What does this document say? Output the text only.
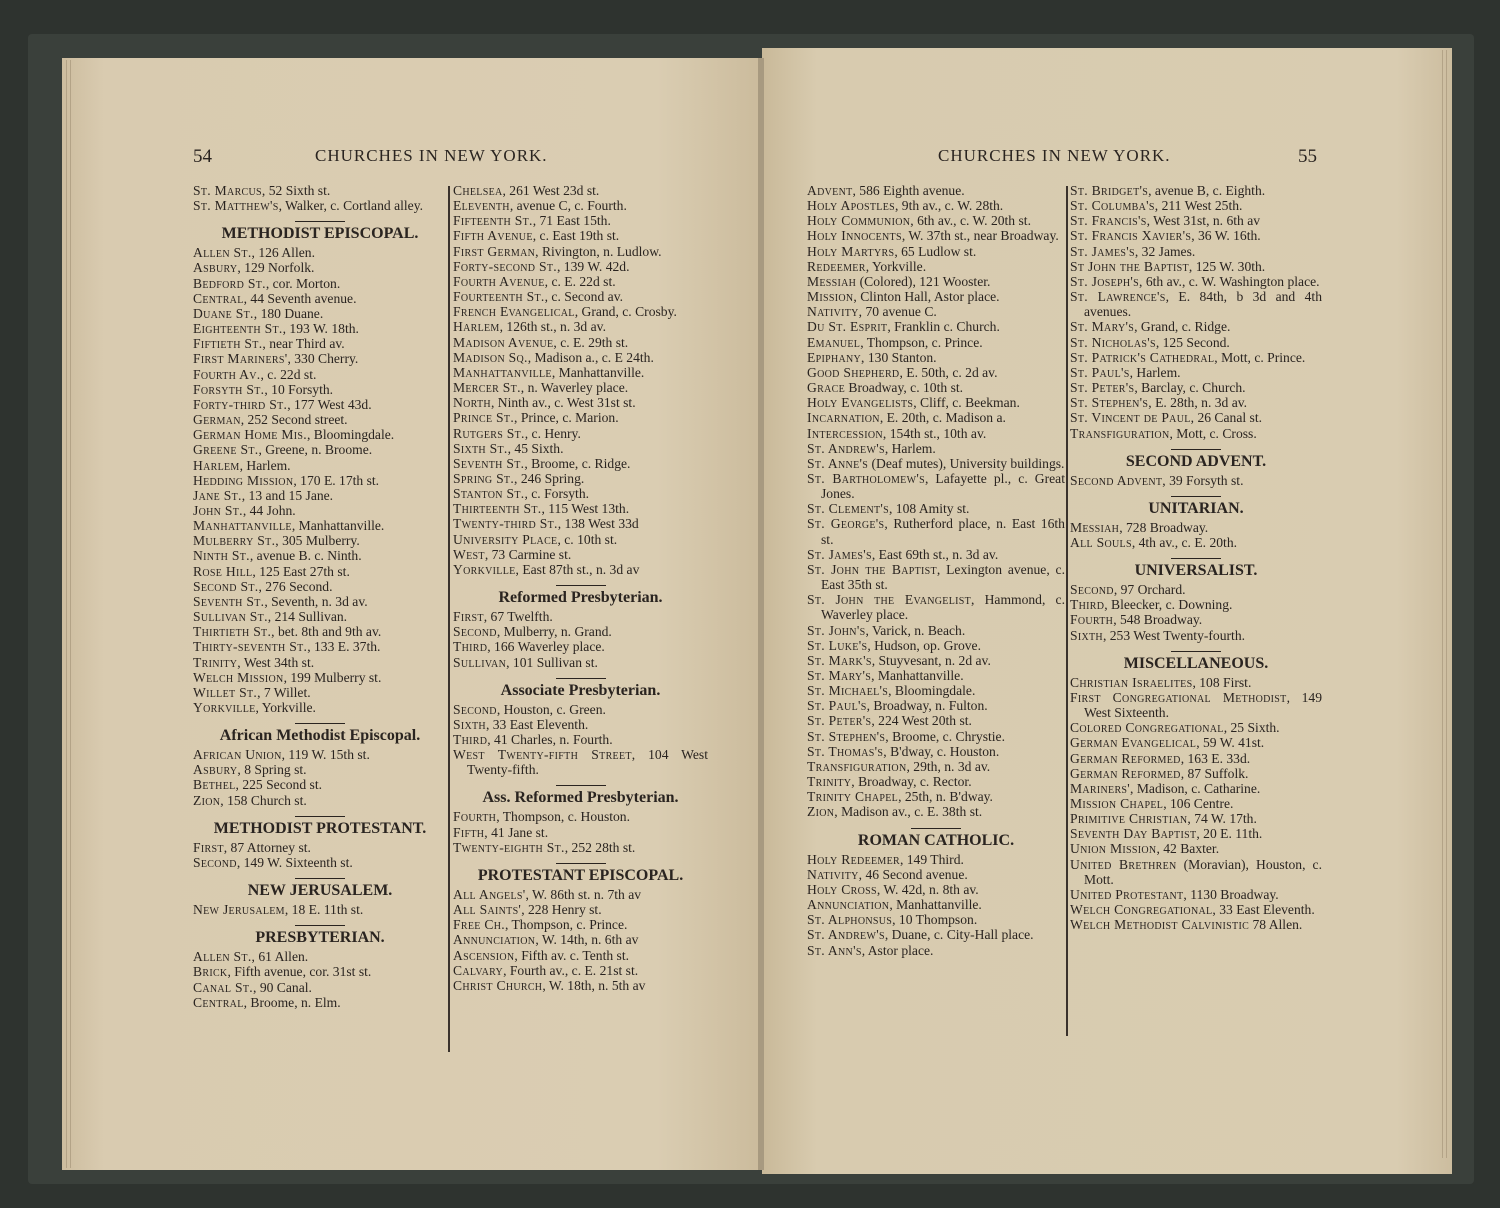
54	CHURCHES IN NEW YORK.	CHURCHES IN NEW YORK.	55
St. Marcus, 52 Sixth st.
St. Matthew's, Walker, c. Cortland alley.
METHODIST EPISCOPAL.
Allen St., 126 Allen.
Asbury, 129 Norfolk.
Bedford St., cor. Morton.
Central, 44 Seventh avenue.
Duane St., 180 Duane.
Eighteenth St., 193 W. 18th.
Fiftieth St., near Third av.
First Mariners', 330 Cherry.
Fourth Av., c. 22d st.
Forsyth St., 10 Forsyth.
Forty-third St., 177 West 43d.
German, 252 Second street.
German Home Mis., Bloomingdale.
Greene St., Greene, n. Broome.
Harlem, Harlem.
Hedding Mission, 170 E. 17th st.
Jane St., 13 and 15 Jane.
John St., 44 John.
Manhattanville, Manhattanville.
Mulberry St., 305 Mulberry.
Ninth St., avenue B. c. Ninth.
Rose Hill, 125 East 27th st.
Second St., 276 Second.
Seventh St., Seventh, n. 3d av.
Sullivan St., 214 Sullivan.
Thirtieth St., bet. 8th and 9th av.
Thirty-seventh St., 133 E. 37th.
Trinity, West 34th st.
Welch Mission, 199 Mulberry st.
Willet St., 7 Willet.
Yorkville, Yorkville.
African Methodist Episcopal.
African Union, 119 W. 15th st.
Asbury, 8 Spring st.
Bethel, 225 Second st.
Zion, 158 Church st.
METHODIST PROTESTANT.
First, 87 Attorney st.
Second, 149 W. Sixteenth st.
NEW JERUSALEM.
New Jerusalem, 18 E. 11th st.
PRESBYTERIAN.
Allen St., 61 Allen.
Brick, Fifth avenue, cor. 31st st.
Canal St., 90 Canal.
Central, Broome, n. Elm.
Chelsea, 261 West 23d st.
Eleventh, avenue C, c. Fourth.
Fifteenth St., 71 East 15th.
Fifth Avenue, c. East 19th st.
First German, Rivington, n. Ludlow.
Forty-second St., 139 W. 42d.
Fourth Avenue, c. E. 22d st.
Fourteenth St., c. Second av.
French Evangelical, Grand, c. Crosby.
Harlem, 126th st., n. 3d av.
Madison Avenue, c. E. 29th st.
Madison Sq., Madison a., c. E 24th.
Manhattanville, Manhattanville.
Mercer St., n. Waverley place.
North, Ninth av., c. West 31st st.
Prince St., Prince, c. Marion.
Rutgers St., c. Henry.
Sixth St., 45 Sixth.
Seventh St., Broome, c. Ridge.
Spring St., 246 Spring.
Stanton St., c. Forsyth.
Thirteenth St., 115 West 13th.
Twenty-third St., 138 West 33d
University Place, c. 10th st.
West, 73 Carmine st.
Yorkville, East 87th st., n. 3d av
Reformed Presbyterian.
First, 67 Twelfth.
Second, Mulberry, n. Grand.
Third, 166 Waverley place.
Sullivan, 101 Sullivan st.
Associate Presbyterian.
Second, Houston, c. Green.
Sixth, 33 East Eleventh.
Third, 41 Charles, n. Fourth.
West Twenty-fifth Street, 104 West Twenty-fifth.
Ass. Reformed Presbyterian.
Fourth, Thompson, c. Houston.
Fifth, 41 Jane st.
Twenty-eighth St., 252 28th st.
PROTESTANT EPISCOPAL.
All Angels', W. 86th st. n. 7th av
All Saints', 228 Henry st.
Free Ch., Thompson, c. Prince.
Annunciation, W. 14th, n. 6th av
Ascension, Fifth av. c. Tenth st.
Calvary, Fourth av., c. E. 21st st.
Christ Church, W. 18th, n. 5th av
Advent, 586 Eighth avenue.
Holy Apostles, 9th av., c. W. 28th.
Holy Communion, 6th av., c. W. 20th st.
Holy Innocents, W. 37th st., near Broadway.
Holy Martyrs, 65 Ludlow st.
Redeemer, Yorkville.
Messiah (Colored), 121 Wooster.
Mission, Clinton Hall, Astor place.
Nativity, 70 avenue C.
Du St. Esprit, Franklin c. Church.
Emanuel, Thompson, c. Prince.
Epiphany, 130 Stanton.
Good Shepherd, E. 50th, c. 2d av.
Grace Broadway, c. 10th st.
Holy Evangelists, Cliff, c. Beekman.
Incarnation, E. 20th, c. Madison a.
Intercession, 154th st., 10th av.
St. Andrew's, Harlem.
St. Anne's (Deaf mutes), University buildings.
St. Bartholomew's, Lafayette pl., c. Great Jones.
St. Clement's, 108 Amity st.
St. George's, Rutherford place, n. East 16th st.
St. James's, East 69th st., n. 3d av.
St. John the Baptist, Lexington avenue, c. East 35th st.
St. John the Evangelist, Hammond, c. Waverley place.
St. John's, Varick, n. Beach.
St. Luke's, Hudson, op. Grove.
St. Mark's, Stuyvesant, n. 2d av.
St. Mary's, Manhattanville.
St. Michael's, Bloomingdale.
St. Paul's, Broadway, n. Fulton.
St. Peter's, 224 West 20th st.
St. Stephen's, Broome, c. Chrystie.
St. Thomas's, B'dway, c. Houston.
Transfiguration, 29th, n. 3d av.
Trinity, Broadway, c. Rector.
Trinity Chapel, 25th, n. B'dway.
Zion, Madison av., c. E. 38th st.
ROMAN CATHOLIC.
Holy Redeemer, 149 Third.
Nativity, 46 Second avenue.
Holy Cross, W. 42d, n. 8th av.
Annunciation, Manhattanville.
St. Alphonsus, 10 Thompson.
St. Andrew's, Duane, c. City-Hall place.
St. Ann's, Astor place.
St. Bridget's, avenue B, c. Eighth.
St. Columba's, 211 West 25th.
St. Francis's, West 31st, n. 6th av
St. Francis Xavier's, 36 W. 16th.
St. James's, 32 James.
St John the Baptist, 125 W. 30th.
St. Joseph's, 6th av., c. W. Washington place.
St. Lawrence's, E. 84th, b 3d and 4th avenues.
St. Mary's, Grand, c. Ridge.
St. Nicholas's, 125 Second.
St. Patrick's Cathedral, Mott, c. Prince.
St. Paul's, Harlem.
St. Peter's, Barclay, c. Church.
St. Stephen's, E. 28th, n. 3d av.
St. Vincent de Paul, 26 Canal st.
Transfiguration, Mott, c. Cross.
SECOND ADVENT.
Second Advent, 39 Forsyth st.
UNITARIAN.
Messiah, 728 Broadway.
All Souls, 4th av., c. E. 20th.
UNIVERSALIST.
Second, 97 Orchard.
Third, Bleecker, c. Downing.
Fourth, 548 Broadway.
Sixth, 253 West Twenty-fourth.
MISCELLANEOUS.
Christian Israelites, 108 First.
First Congregational Methodist, 149 West Sixteenth.
Colored Congregational, 25 Sixth.
German Evangelical, 59 W. 41st.
German Reformed, 163 E. 33d.
German Reformed, 87 Suffolk.
Mariners', Madison, c. Catharine.
Mission Chapel, 106 Centre.
Primitive Christian, 74 W. 17th.
Seventh Day Baptist, 20 E. 11th.
Union Mission, 42 Baxter.
United Brethren (Moravian), Houston, c. Mott.
United Protestant, 1130 Broadway.
Welch Congregational, 33 East Eleventh.
Welch Methodist Calvinistic 78 Allen.
